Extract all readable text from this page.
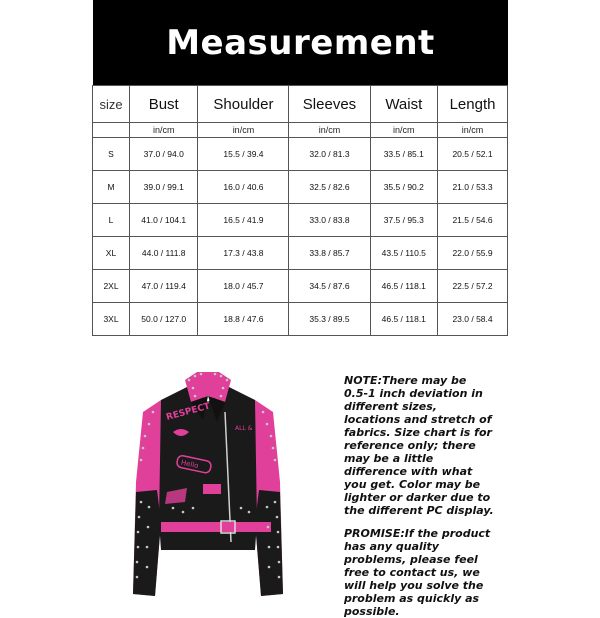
Measurement
size	Bust	Shoulder	Sleeves	Waist	Length
	in/cm	in/cm	in/cm	in/cm	in/cm
S	37.0 / 94.0	15.5 / 39.4	32.0 / 81.3	33.5 / 85.1	20.5 / 52.1
M	39.0 / 99.1	16.0 / 40.6	32.5 / 82.6	35.5 / 90.2	21.0 / 53.3
L	41.0 / 104.1	16.5 / 41.9	33.0 / 83.8	37.5 / 95.3	21.5 / 54.6
XL	44.0 / 111.8	17.3 / 43.8	33.8 / 85.7	43.5 / 110.5	22.0 / 55.9
2XL	47.0 / 119.4	18.0 / 45.7	34.5 / 87.6	46.5 / 118.1	22.5 / 57.2
3XL	50.0 / 127.0	18.8 / 47.6	35.3 / 89.5	46.5 / 118.1	23.0 / 58.4
RESPECT
ALL &
Hello
NOTE:There may be 0.5-1 inch deviation in different sizes, locations and stretch of fabrics. Size chart is for reference only; there may be a little difference with what you get. Color may be lighter or darker due to the different PC display.
PROMISE:If the product has any quality problems, please feel free to contact us, we will help you solve the problem as quickly as possible.
